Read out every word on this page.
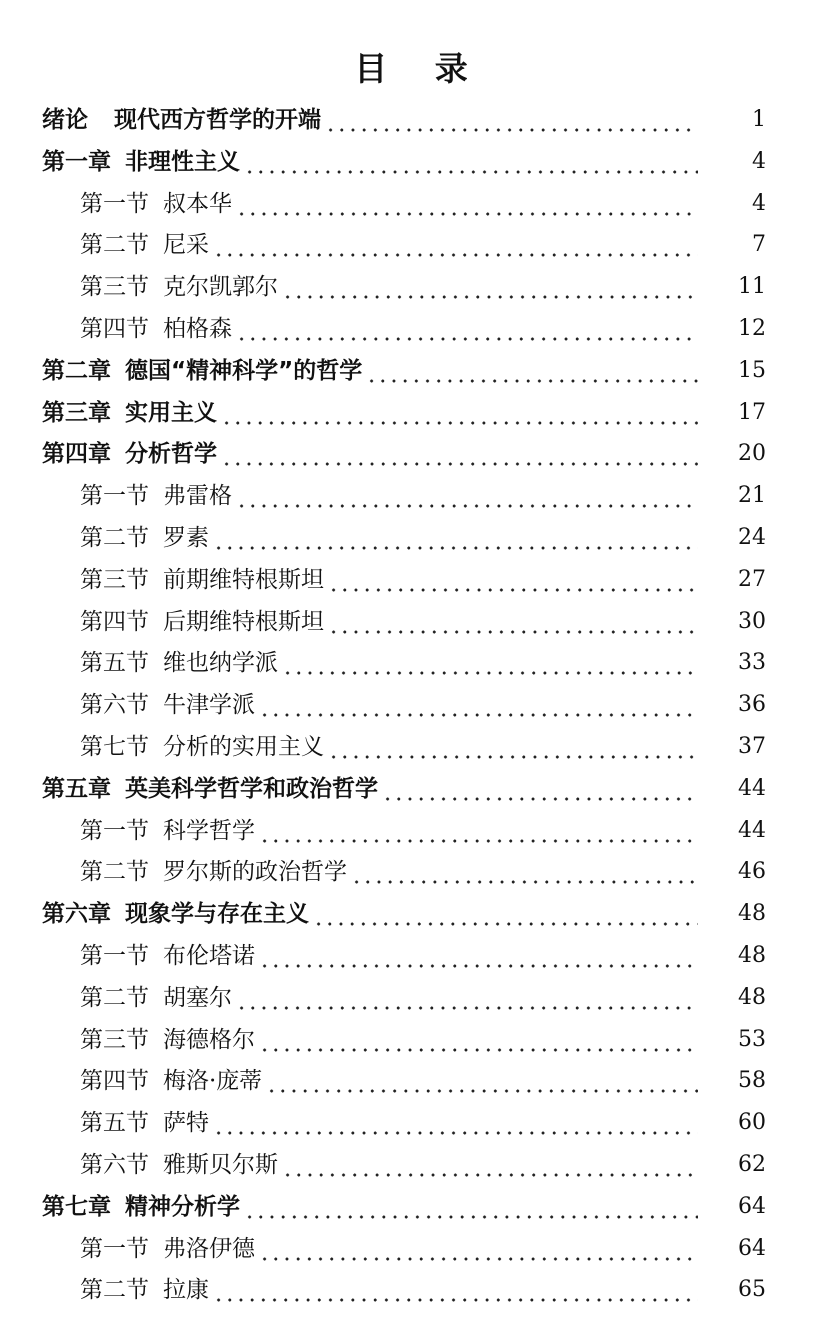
目 录
绪论 现代西方哲学的开端	1
第一章 非理性主义	4
第一节 叔本华	4
第二节 尼采	7
第三节 克尔凯郭尔	11
第四节 柏格森	12
第二章 德国“精神科学”的哲学	15
第三章 实用主义	17
第四章 分析哲学	20
第一节 弗雷格	21
第二节 罗素	24
第三节 前期维特根斯坦	27
第四节 后期维特根斯坦	30
第五节 维也纳学派	33
第六节 牛津学派	36
第七节 分析的实用主义	37
第五章 英美科学哲学和政治哲学	44
第一节 科学哲学	44
第二节 罗尔斯的政治哲学	46
第六章 现象学与存在主义	48
第一节 布伦塔诺	48
第二节 胡塞尔	48
第三节 海德格尔	53
第四节 梅洛·庞蒂	58
第五节 萨特	60
第六节 雅斯贝尔斯	62
第七章 精神分析学	64
第一节 弗洛伊德	64
第二节 拉康	65
